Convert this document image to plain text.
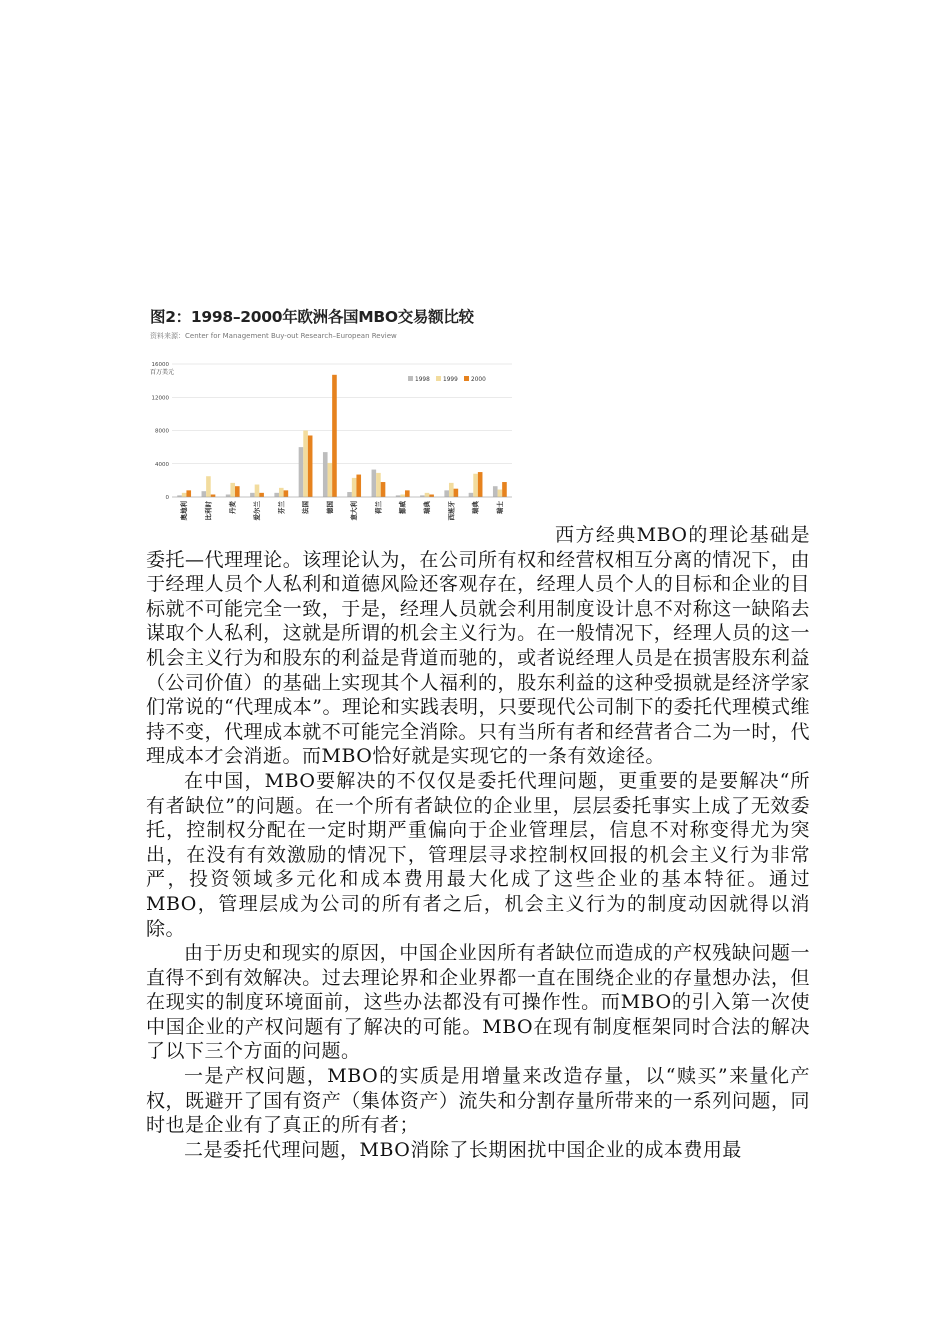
图2：1998–2000年欧洲各国MBO交易额比较
资料来源：Center for Management Buy-out Research–European Review
0
4000
8000
12000
16000
百万美元
奥地利	比利时	丹麦	爱尔兰	芬兰	法国	德国	意大利	荷兰	挪威	瑞典	西班牙	瑞典	瑞士
1998 1999 2000

西方经典MBO的理论基础是委托—代理理论。该理论认为，在公司所有权和经营权相互分离的情况下，由于经理人员个人私利和道德风险还客观存在，经理人员个人的目标和企业的目标就不可能完全一致，于是，经理人员就会利用制度设计息不对称这一缺陷去谋取个人私利，这就是所谓的机会主义行为。在一般情况下，经理人员的这一机会主义行为和股东的利益是背道而驰的，或者说经理人员是在损害股东利益（公司价值）的基础上实现其个人福利的，股东利益的这种受损就是经济学家们常说的“代理成本”。理论和实践表明，只要现代公司制下的委托代理模式维持不变，代理成本就不可能完全消除。只有当所有者和经营者合二为一时，代理成本才会消逝。而MBO恰好就是实现它的一条有效途径。

在中国，MBO要解决的不仅仅是委托代理问题，更重要的是要解决“所有者缺位”的问题。在一个所有者缺位的企业里，层层委托事实上成了无效委托，控制权分配在一定时期严重偏向于企业管理层，信息不对称变得尤为突出，在没有有效激励的情况下，管理层寻求控制权回报的机会主义行为非常严，投资领域多元化和成本费用最大化成了这些企业的基本特征。通过MBO，管理层成为公司的所有者之后，机会主义行为的制度动因就得以消除。

由于历史和现实的原因，中国企业因所有者缺位而造成的产权残缺问题一直得不到有效解决。过去理论界和企业界都一直在围绕企业的存量想办法，但在现实的制度环境面前，这些办法都没有可操作性。而MBO的引入第一次使中国企业的产权问题有了解决的可能。MBO在现有制度框架同时合法的解决了以下三个方面的问题。

一是产权问题，MBO的实质是用增量来改造存量，以“赎买”来量化产权，既避开了国有资产（集体资产）流失和分割存量所带来的一系列问题，同时也是企业有了真正的所有者；

二是委托代理问题，MBO消除了长期困扰中国企业的成本费用最
